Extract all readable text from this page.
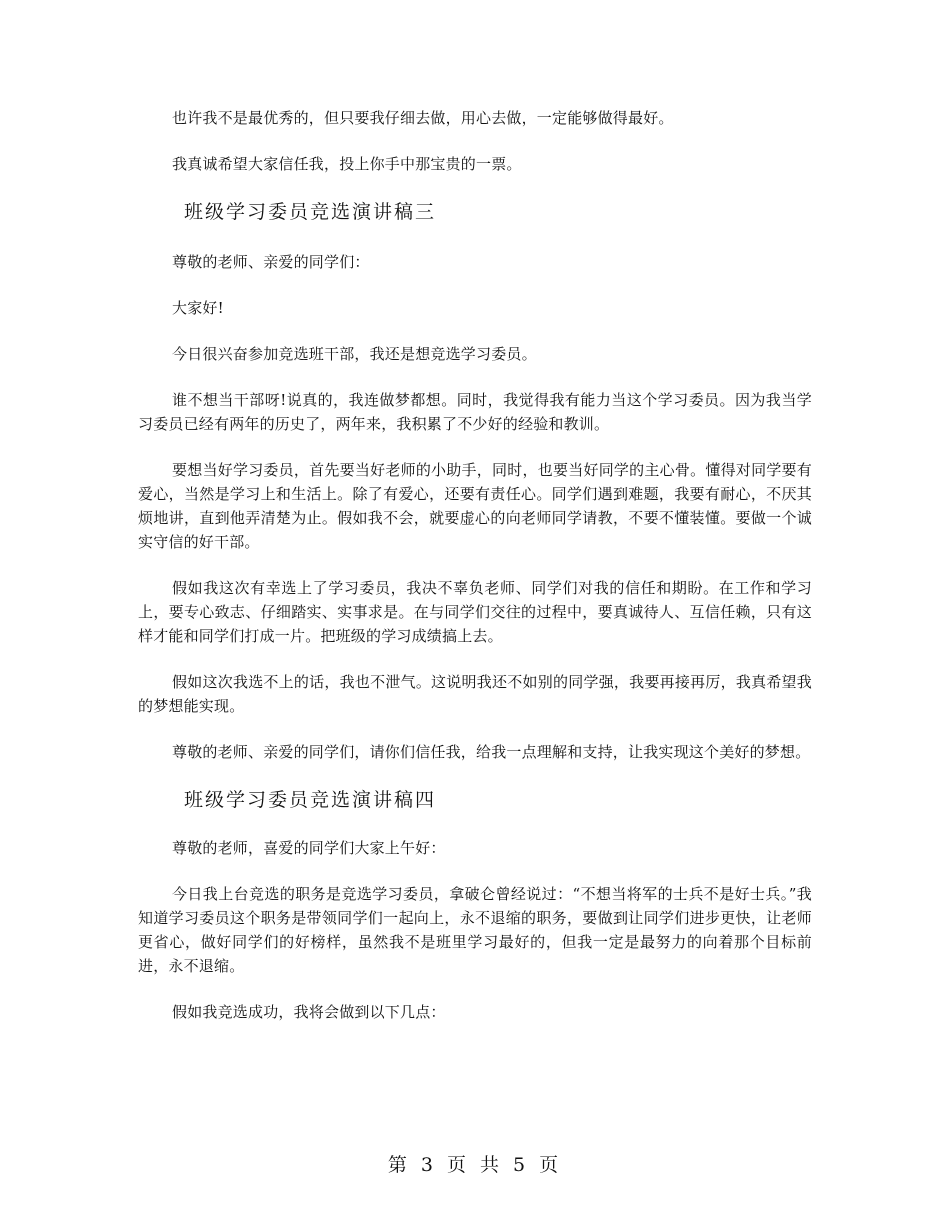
也许我不是最优秀的，但只要我仔细去做，用心去做，一定能够做得最好。

我真诚希望大家信任我，投上你手中那宝贵的一票。

班级学习委员竞选演讲稿三

尊敬的老师、亲爱的同学们：

大家好!

今日很兴奋参加竞选班干部，我还是想竞选学习委员。

谁不想当干部呀!说真的，我连做梦都想。同时，我觉得我有能力当这个学习委员。因为我当学习委员已经有两年的历史了，两年来，我积累了不少好的经验和教训。

要想当好学习委员，首先要当好老师的小助手，同时，也要当好同学的主心骨。懂得对同学要有爱心，当然是学习上和生活上。除了有爱心，还要有责任心。同学们遇到难题，我要有耐心，不厌其烦地讲，直到他弄清楚为止。假如我不会，就要虚心的向老师同学请教，不要不懂装懂。要做一个诚实守信的好干部。

假如我这次有幸选上了学习委员，我决不辜负老师、同学们对我的信任和期盼。在工作和学习上，要专心致志、仔细踏实、实事求是。在与同学们交往的过程中，要真诚待人、互信任赖，只有这样才能和同学们打成一片。把班级的学习成绩搞上去。

假如这次我选不上的话，我也不泄气。这说明我还不如别的同学强，我要再接再厉，我真希望我的梦想能实现。

尊敬的老师、亲爱的同学们，请你们信任我，给我一点理解和支持，让我实现这个美好的梦想。

班级学习委员竞选演讲稿四

尊敬的老师，喜爱的同学们大家上午好：

今日我上台竞选的职务是竞选学习委员，拿破仑曾经说过：“不想当将军的士兵不是好士兵。”我知道学习委员这个职务是带领同学们一起向上，永不退缩的职务，要做到让同学们进步更快，让老师更省心，做好同学们的好榜样，虽然我不是班里学习最好的，但我一定是最努力的向着那个目标前进，永不退缩。

假如我竞选成功，我将会做到以下几点：

第 3 页 共 5 页
